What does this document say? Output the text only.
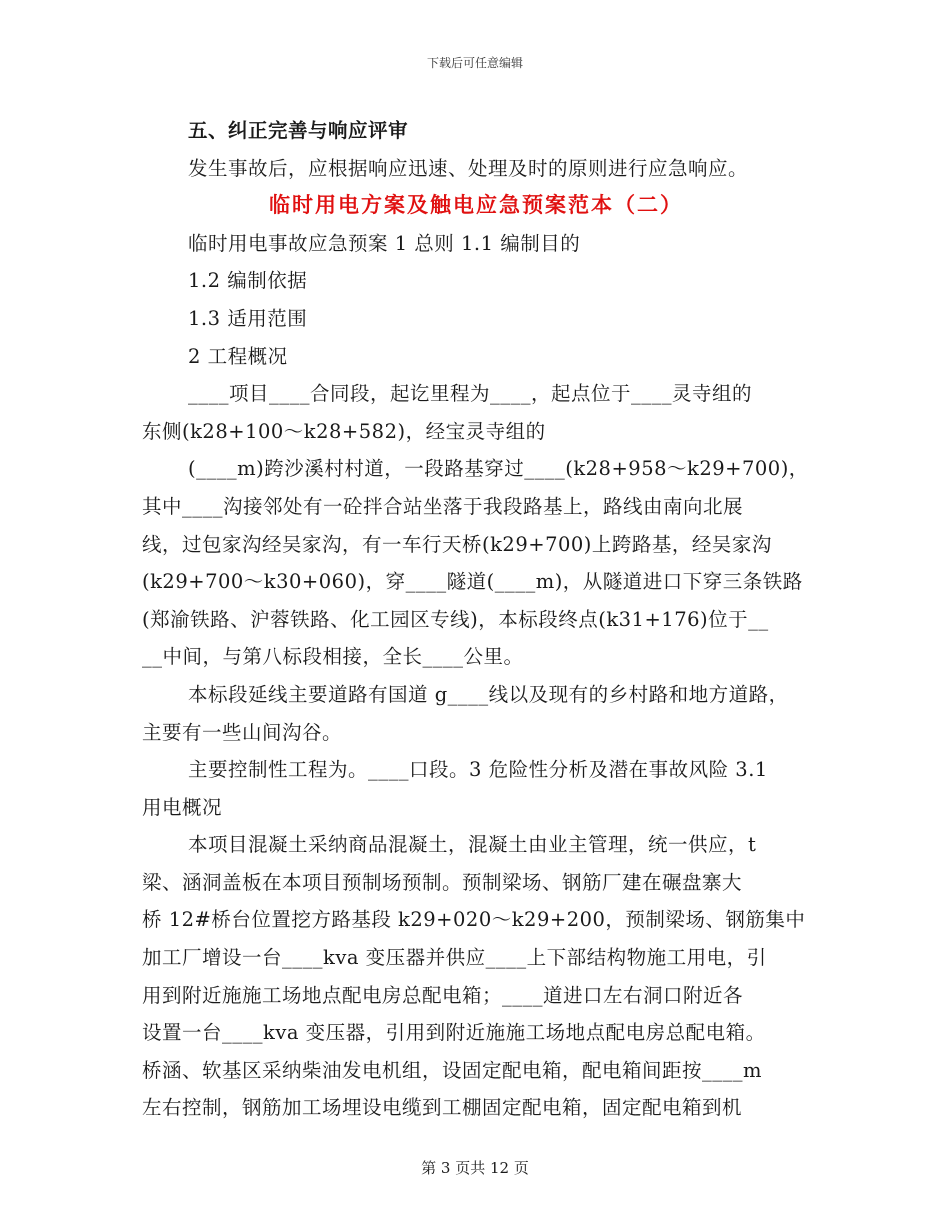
下载后可任意编辑
五、纠正完善与响应评审
发生事故后，应根据响应迅速、处理及时的原则进行应急响应。
临时用电方案及触电应急预案范本（二）
临时用电事故应急预案 1 总则 1.1 编制目的
1.2 编制依据
1.3 适用范围
2 工程概况
____项目____合同段，起讫里程为____，起点位于____灵寺组的
东侧(k28+100～k28+582)，经宝灵寺组的
(____m)跨沙溪村村道，一段路基穿过____(k28+958～k29+700)，
其中____沟接邻处有一砼拌合站坐落于我段路基上，路线由南向北展
线，过包家沟经吴家沟，有一车行天桥(k29+700)上跨路基，经吴家沟
(k29+700～k30+060)，穿____隧道(____m)，从隧道进口下穿三条铁路
(郑渝铁路、沪蓉铁路、化工园区专线)，本标段终点(k31+176)位于__
__中间，与第八标段相接，全长____公里。
本标段延线主要道路有国道 g____线以及现有的乡村路和地方道路，
主要有一些山间沟谷。
主要控制性工程为。____口段。3 危险性分析及潜在事故风险 3.1
用电概况
本项目混凝土采纳商品混凝土，混凝土由业主管理，统一供应，t
梁、涵洞盖板在本项目预制场预制。预制梁场、钢筋厂建在碾盘寨大
桥 12#桥台位置挖方路基段 k29+020～k29+200，预制梁场、钢筋集中
加工厂增设一台____kva 变压器并供应____上下部结构物施工用电，引
用到附近施施工场地点配电房总配电箱；____道进口左右洞口附近各
设置一台____kva 变压器，引用到附近施施工场地点配电房总配电箱。
桥涵、软基区采纳柴油发电机组，设固定配电箱，配电箱间距按____m
左右控制，钢筋加工场埋设电缆到工棚固定配电箱，固定配电箱到机
第 3 页共 12 页
